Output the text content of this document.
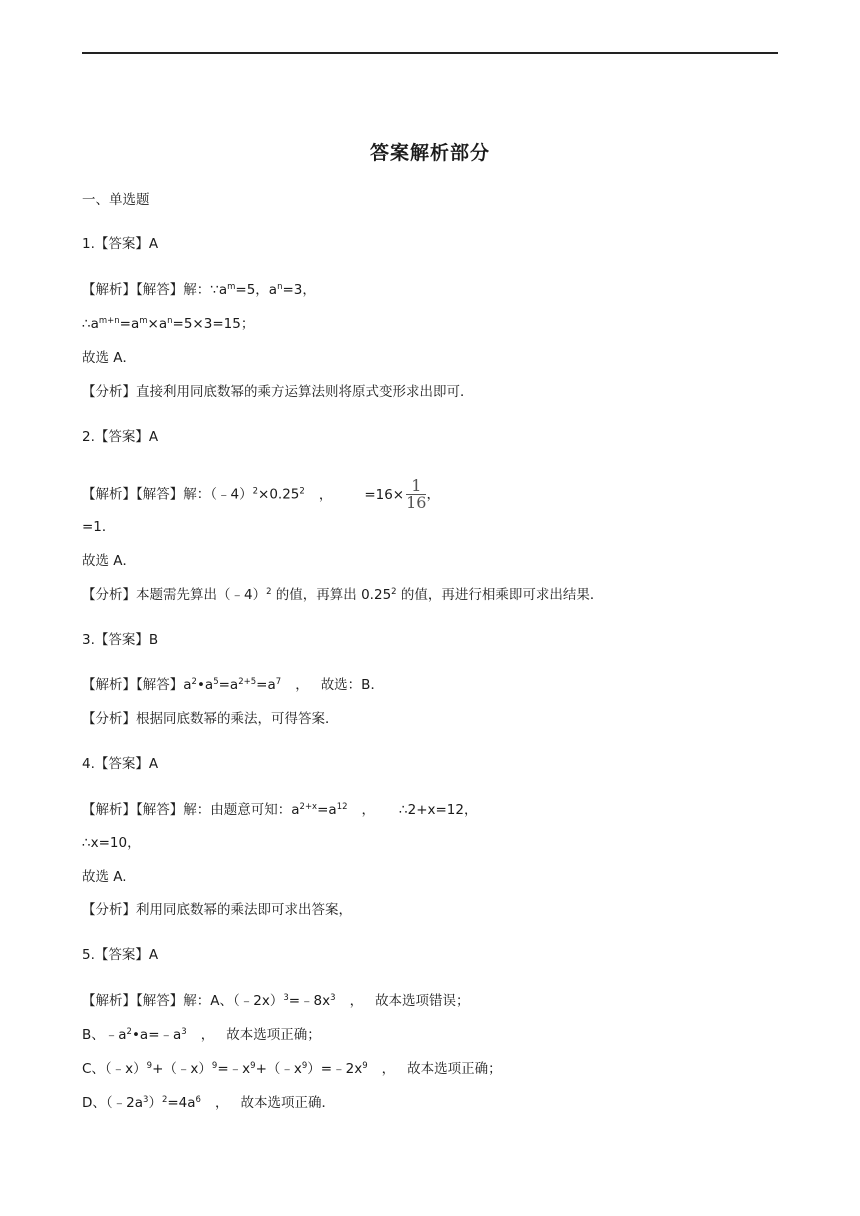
答案解析部分
一、单选题
1.【答案】A
【解析】【解答】解：$\because a^m=5$，$a^n=3$，
$\therefore a^{m+n}=a^m\times a^n=5\times 3=15$；
故选 A．
【分析】直接利用同底数幂的乘方运算法则将原式变形求出即可．
2.【答案】A
【解析】【解答】解：$(﹣4)^2\times 0.25^2$ ， $=16\times \frac{1}{16}$ ，
=1．
故选 A．
【分析】本题需先算出（﹣4）$^2$ 的值，再算出 0.25$^2$ 的值，再进行相乘即可求出结果．
3.【答案】B
【解析】【解答】$a^2•a^5=a^{2+5}=a^7$ ， 故选：B．
【分析】根据同底数幂的乘法，可得答案．
4.【答案】A
【解析】【解答】解：由题意可知：$a^{2+x}=a^{12}$ ， ∴2+x=12，
∴x=10，
故选 A.
【分析】利用同底数幂的乘法即可求出答案，
5.【答案】A
【解析】【解答】解：A、$(﹣2x)^3=﹣8x^3$ ， 故本选项错误；
B、$﹣a^2•a=﹣a^3$ ， 故本选项正确；
C、$(﹣x)^9+(﹣x)^9=﹣x^9+(﹣x^9)=﹣2x^9$ ， 故本选项正确；
D、$(﹣2a^3)^2=4a^6$ ， 故本选项正确．
